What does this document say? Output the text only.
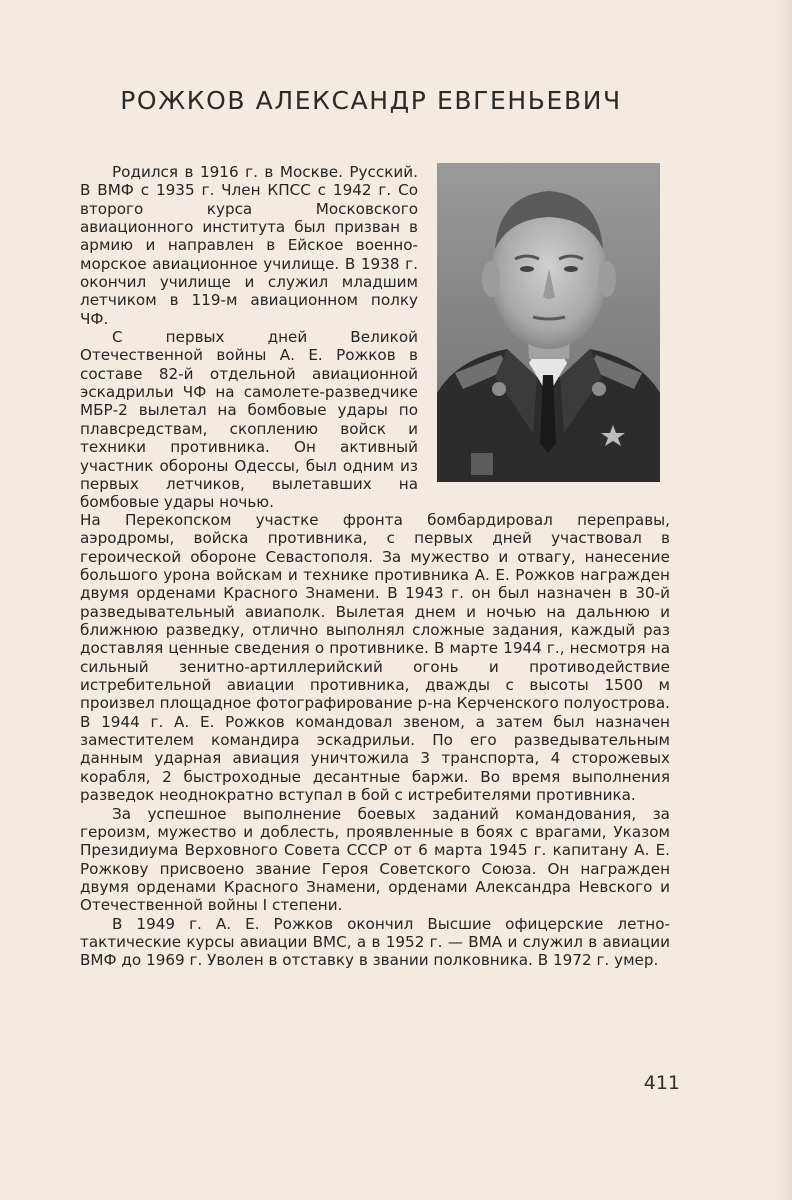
РОЖКОВ АЛЕКСАНДР ЕВГЕНЬЕВИЧ

Родился в 1916 г. в Москве. Русский. В ВМФ с 1935 г. Член КПСС с 1942 г. Со второго курса Московского авиационного института был призван в армию и направлен в Ейское военно-морское авиационное училище. В 1938 г. окончил училище и служил младшим летчиком в 119-м авиационном полку ЧФ.

С первых дней Великой Отечественной войны А. Е. Рожков в составе 82-й отдельной авиационной эскадрильи ЧФ на самолете-разведчике МБР-2 вылетал на бомбовые удары по плавсредствам, скоплению войск и техники противника. Он активный участник обороны Одессы, был одним из первых летчиков, вылетавших на бомбовые удары ночью.

На Перекопском участке фронта бомбардировал переправы, аэродромы, войска противника, с первых дней участвовал в героической обороне Севастополя. За мужество и отвагу, нанесение большого урона войскам и технике противника А. Е. Рожков награжден двумя орденами Красного Знамени. В 1943 г. он был назначен в 30-й разведывательный авиаполк. Вылетая днем и ночью на дальнюю и ближнюю разведку, отлично выполнял сложные задания, каждый раз доставляя ценные сведения о противнике. В марте 1944 г., несмотря на сильный зенитно-артиллерийский огонь и противодействие истребительной авиации противника, дважды с высоты 1500 м произвел площадное фотографирование р-на Керченского полуострова. В 1944 г. А. Е. Рожков командовал звеном, а затем был назначен заместителем командира эскадрильи. По его разведывательным данным ударная авиация уничтожила 3 транспорта, 4 сторожевых корабля, 2 быстроходные десантные баржи. Во время выполнения разведок неоднократно вступал в бой с истребителями противника.

За успешное выполнение боевых заданий командования, за героизм, мужество и доблесть, проявленные в боях с врагами, Указом Президиума Верховного Совета СССР от 6 марта 1945 г. капитану А. Е. Рожкову присвоено звание Героя Советского Союза. Он награжден двумя орденами Красного Знамени, орденами Александра Невского и Отечественной войны I степени.

В 1949 г. А. Е. Рожков окончил Высшие офицерские летно-тактические курсы авиации ВМС, а в 1952 г. — ВМА и служил в авиации ВМФ до 1969 г. Уволен в отставку в звании полковника. В 1972 г. умер.

411
